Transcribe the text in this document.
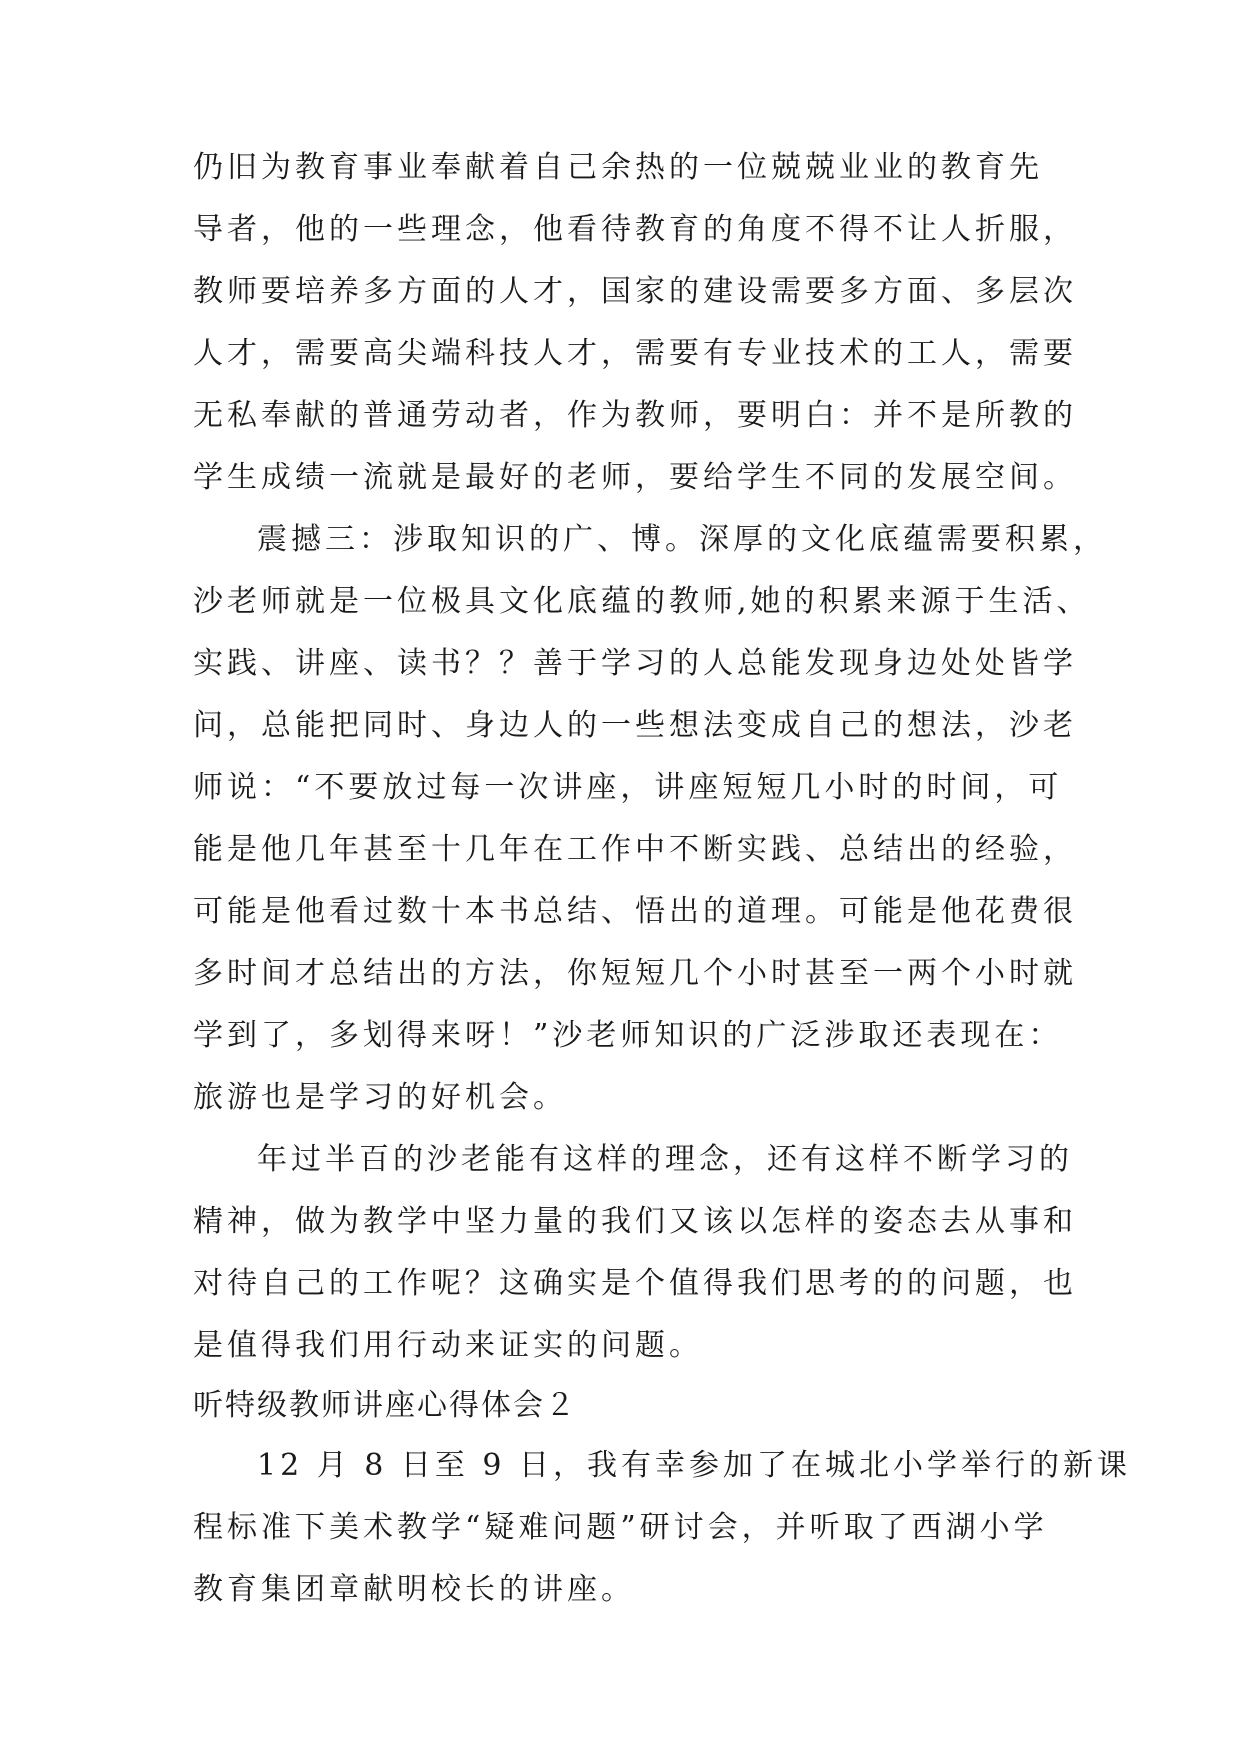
仍旧为教育事业奉献着自己余热的一位兢兢业业的教育先
导者，他的一些理念，他看待教育的角度不得不让人折服，
教师要培养多方面的人才，国家的建设需要多方面、多层次
人才，需要高尖端科技人才，需要有专业技术的工人，需要
无私奉献的普通劳动者，作为教师，要明白：并不是所教的
学生成绩一流就是最好的老师，要给学生不同的发展空间。
震撼三：涉取知识的广、博。深厚的文化底蕴需要积累，
沙老师就是一位极具文化底蕴的教师,她的积累来源于生活、
实践、讲座、读书？？善于学习的人总能发现身边处处皆学
问，总能把同时、身边人的一些想法变成自己的想法，沙老
师说：“不要放过每一次讲座，讲座短短几小时的时间，可
能是他几年甚至十几年在工作中不断实践、总结出的经验，
可能是他看过数十本书总结、悟出的道理。可能是他花费很
多时间才总结出的方法，你短短几个小时甚至一两个小时就
学到了，多划得来呀！”沙老师知识的广泛涉取还表现在：
旅游也是学习的好机会。
年过半百的沙老能有这样的理念，还有这样不断学习的
精神，做为教学中坚力量的我们又该以怎样的姿态去从事和
对待自己的工作呢？这确实是个值得我们思考的的问题，也
是值得我们用行动来证实的问题。
听特级教师讲座心得体会２
12 月 8 日至 9 日，我有幸参加了在城北小学举行的新课
程标准下美术教学“疑难问题”研讨会，并听取了西湖小学
教育集团章献明校长的讲座。
